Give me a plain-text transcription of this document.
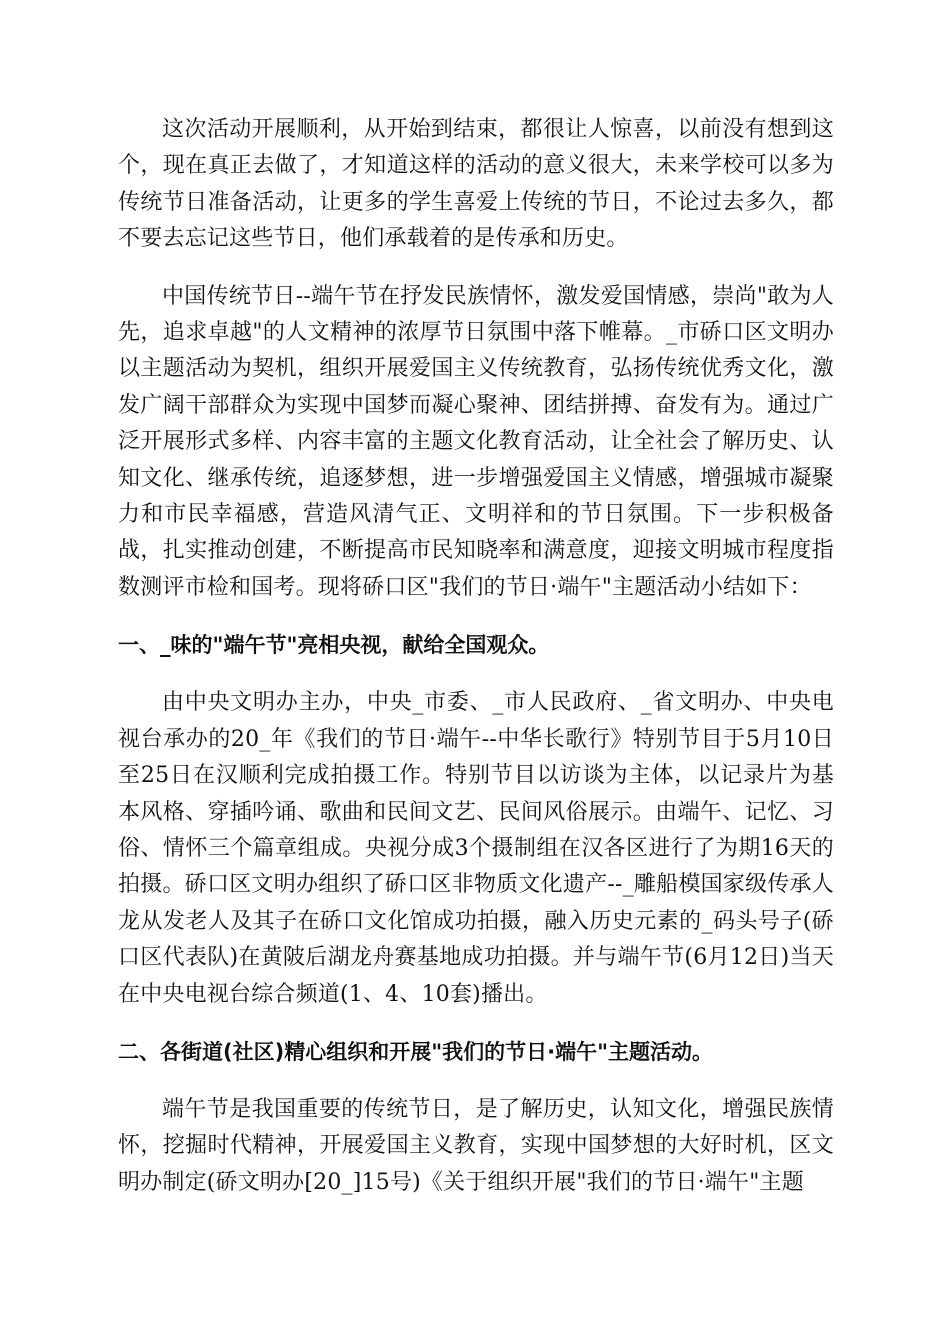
这次活动开展顺利，从开始到结束，都很让人惊喜，以前没有想到这个，现在真正去做了，才知道这样的活动的意义很大，未来学校可以多为传统节日准备活动，让更多的学生喜爱上传统的节日，不论过去多久，都不要去忘记这些节日，他们承载着的是传承和历史。

中国传统节日--端午节在抒发民族情怀，激发爱国情感，崇尚"敢为人先，追求卓越"的人文精神的浓厚节日氛围中落下帷幕。_市硚口区文明办以主题活动为契机，组织开展爱国主义传统教育，弘扬传统优秀文化，激发广阔干部群众为实现中国梦而凝心聚神、团结拼搏、奋发有为。通过广泛开展形式多样、内容丰富的主题文化教育活动，让全社会了解历史、认知文化、继承传统，追逐梦想，进一步增强爱国主义情感，增强城市凝聚力和市民幸福感，营造风清气正、文明祥和的节日氛围。下一步积极备战，扎实推动创建，不断提高市民知晓率和满意度，迎接文明城市程度指数测评市检和国考。现将硚口区"我们的节日·端午"主题活动小结如下：

一、_味的"端午节"亮相央视，献给全国观众。

由中央文明办主办，中央_市委、_市人民政府、_省文明办、中央电视台承办的20_年《我们的节日·端午--中华长歌行》特别节目于5月10日至25日在汉顺利完成拍摄工作。特别节目以访谈为主体，以记录片为基本风格、穿插吟诵、歌曲和民间文艺、民间风俗展示。由端午、记忆、习俗、情怀三个篇章组成。央视分成3个摄制组在汉各区进行了为期16天的拍摄。硚口区文明办组织了硚口区非物质文化遗产--_雕船模国家级传承人龙从发老人及其子在硚口文化馆成功拍摄，融入历史元素的_码头号子(硚口区代表队)在黄陂后湖龙舟赛基地成功拍摄。并与端午节(6月12日)当天在中央电视台综合频道(1、4、10套)播出。

二、各街道(社区)精心组织和开展"我们的节日·端午"主题活动。

端午节是我国重要的传统节日，是了解历史，认知文化，增强民族情怀，挖掘时代精神，开展爱国主义教育，实现中国梦想的大好时机，区文明办制定(硚文明办[20_]15号)《关于组织开展"我们的节日·端午"主题
